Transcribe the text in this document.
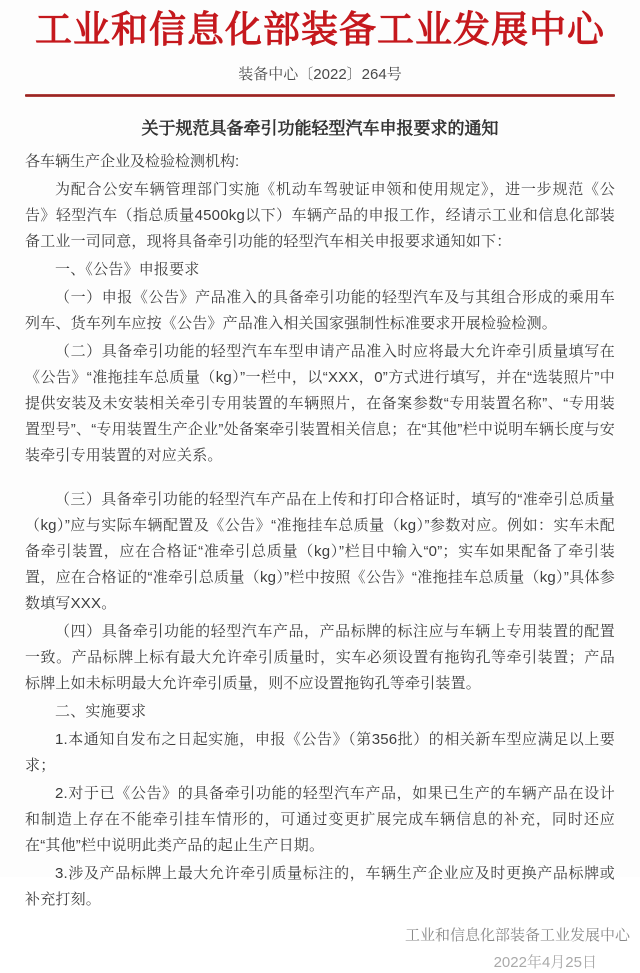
工业和信息化部装备工业发展中心
装备中心〔2022〕264号
关于规范具备牵引功能轻型汽车申报要求的通知
各车辆生产企业及检验检测机构:

为配合公安车辆管理部门实施《机动车驾驶证申领和使用规定》，进一步规范《公告》轻型汽车（指总质量4500kg以下）车辆产品的申报工作，经请示工业和信息化部装备工业一司同意，现将具备牵引功能的轻型汽车相关申报要求通知如下：

一、《公告》申报要求

（一）申报《公告》产品准入的具备牵引功能的轻型汽车及与其组合形成的乘用车列车、货车列车应按《公告》产品准入相关国家强制性标准要求开展检验检测。

（二）具备牵引功能的轻型汽车车型申请产品准入时应将最大允许牵引质量填写在《公告》“准拖挂车总质量（kg）”一栏中，以“XXX，0”方式进行填写，并在“选装照片”中提供安装及未安装相关牵引专用装置的车辆照片，在备案参数“专用装置名称”、“专用装置型号”、“专用装置生产企业”处备案牵引装置相关信息；在“其他”栏中说明车辆长度与安装牵引专用装置的对应关系。

（三）具备牵引功能的轻型汽车产品在上传和打印合格证时，填写的“准牵引总质量（kg）”应与实际车辆配置及《公告》“准拖挂车总质量（kg）”参数对应。例如：实车未配备牵引装置，应在合格证“准牵引总质量（kg）”栏目中输入“0”；实车如果配备了牵引装置，应在合格证的“准牵引总质量（kg）”栏中按照《公告》“准拖挂车总质量（kg）”具体参数填写XXX。

（四）具备牵引功能的轻型汽车产品，产品标牌的标注应与车辆上专用装置的配置一致。产品标牌上标有最大允许牵引质量时，实车必须设置有拖钩孔等牵引装置；产品标牌上如未标明最大允许牵引质量，则不应设置拖钩孔等牵引装置。

二、实施要求

1.本通知自发布之日起实施，申报《公告》（第356批）的相关新车型应满足以上要求；

2.对于已《公告》的具备牵引功能的轻型汽车产品，如果已生产的车辆产品在设计和制造上存在不能牵引挂车情形的，可通过变更扩展完成车辆信息的补充，同时还应在“其他”栏中说明此类产品的起止生产日期。

3.涉及产品标牌上最大允许牵引质量标注的，车辆生产企业应及时更换产品标牌或补充打刻。

工业和信息化部装备工业发展中心
2022年4月25日
